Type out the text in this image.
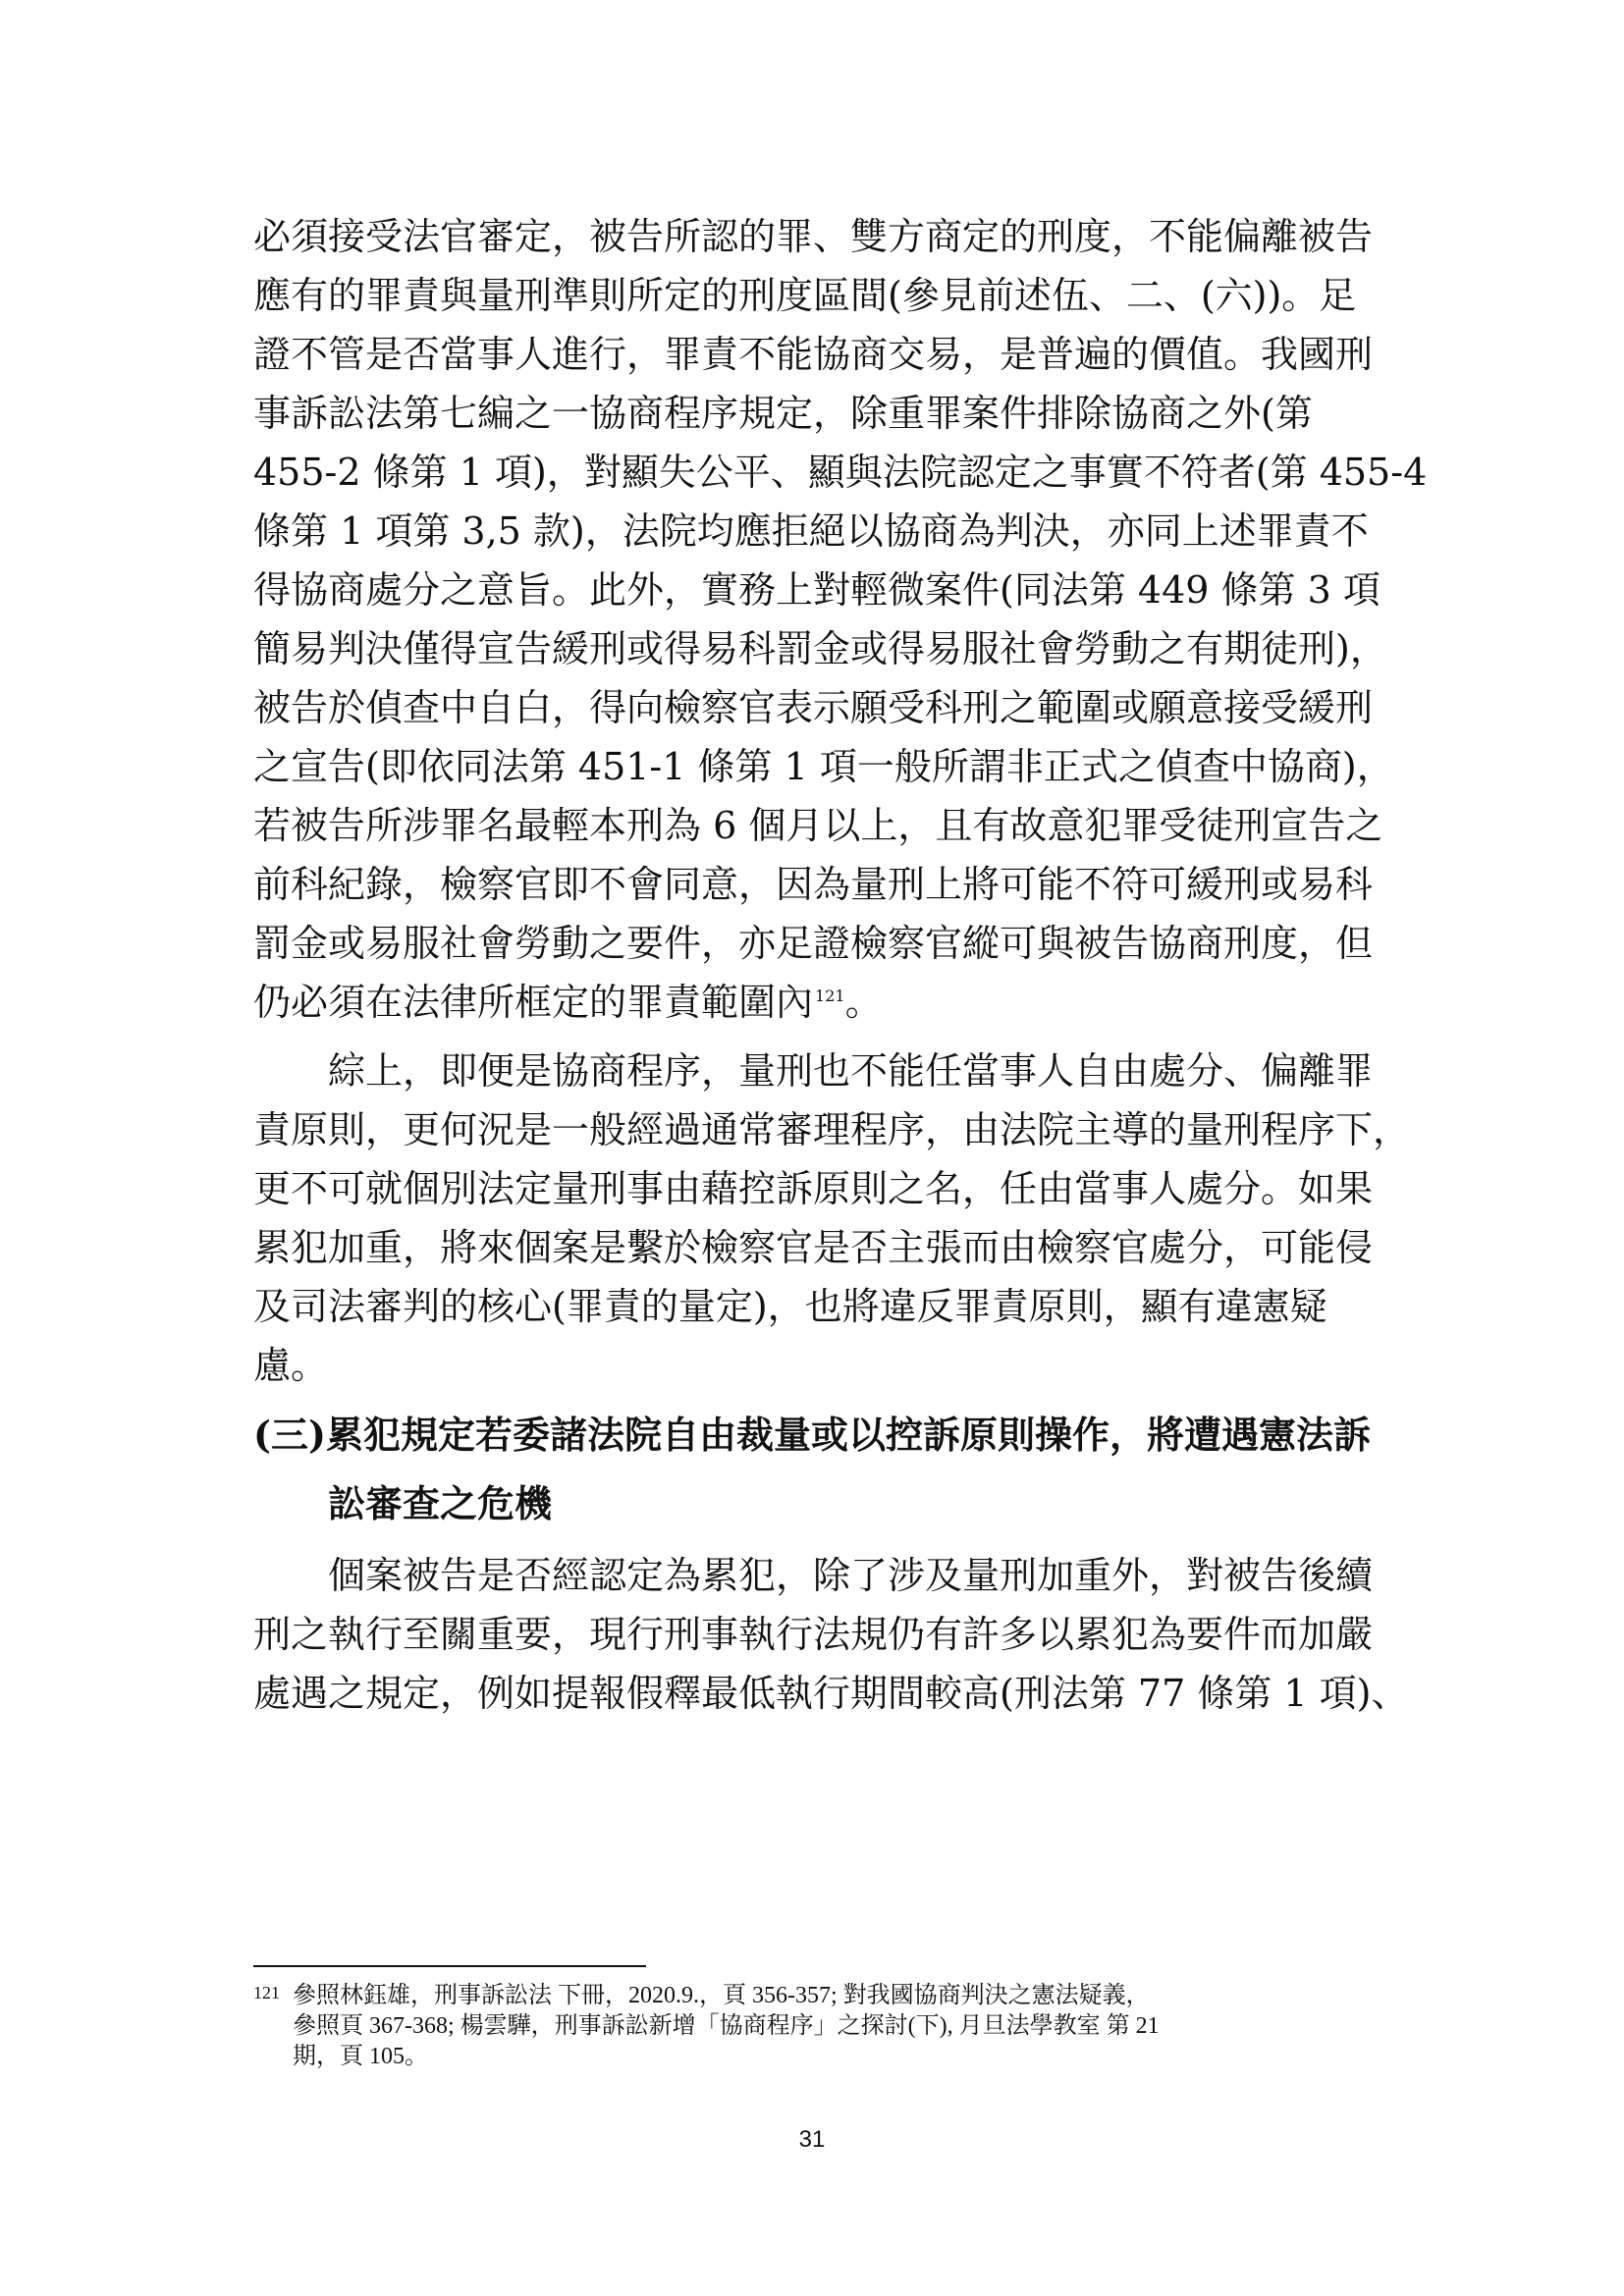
必須接受法官審定，被告所認的罪、雙方商定的刑度，不能偏離被告
應有的罪責與量刑準則所定的刑度區間(參見前述伍、二、(六))。足
證不管是否當事人進行，罪責不能協商交易，是普遍的價值。我國刑
事訴訟法第七編之一協商程序規定，除重罪案件排除協商之外(第
455-2 條第 1 項)，對顯失公平、顯與法院認定之事實不符者(第 455-4
條第 1 項第 3,5 款)，法院均應拒絕以協商為判決，亦同上述罪責不
得協商處分之意旨。此外，實務上對輕微案件(同法第 449 條第 3 項
簡易判決僅得宣告緩刑或得易科罰金或得易服社會勞動之有期徒刑)，
被告於偵查中自白，得向檢察官表示願受科刑之範圍或願意接受緩刑
之宣告(即依同法第 451-1 條第 1 項一般所謂非正式之偵查中協商)，
若被告所涉罪名最輕本刑為 6 個月以上，且有故意犯罪受徒刑宣告之
前科紀錄，檢察官即不會同意，因為量刑上將可能不符可緩刑或易科
罰金或易服社會勞動之要件，亦足證檢察官縱可與被告協商刑度，但
仍必須在法律所框定的罪責範圍內 $^{121}$。
　　綜上，即便是協商程序，量刑也不能任當事人自由處分、偏離罪
責原則，更何況是一般經過通常審理程序，由法院主導的量刑程序下，
更不可就個別法定量刑事由藉控訴原則之名，任由當事人處分。如果
累犯加重，將來個案是繫於檢察官是否主張而由檢察官處分，可能侵
及司法審判的核心(罪責的量定)，也將違反罪責原則，顯有違憲疑
慮。
(三)累犯規定若委諸法院自由裁量或以控訴原則操作，將遭遇憲法訴
　　訟審查之危機
　　個案被告是否經認定為累犯，除了涉及量刑加重外，對被告後續
刑之執行至關重要，現行刑事執行法規仍有許多以累犯為要件而加嚴
處遇之規定，例如提報假釋最低執行期間較高(刑法第 77 條第 1 項)、
121 參照林鈺雄，刑事訴訟法 下冊，2020.9.，頁 356-357; 對我國協商判決之憲法疑義，
參照頁 367-368; 楊雲驊，刑事訴訟新增「協商程序」之探討(下), 月旦法學教室 第 21
期，頁 105。
31
